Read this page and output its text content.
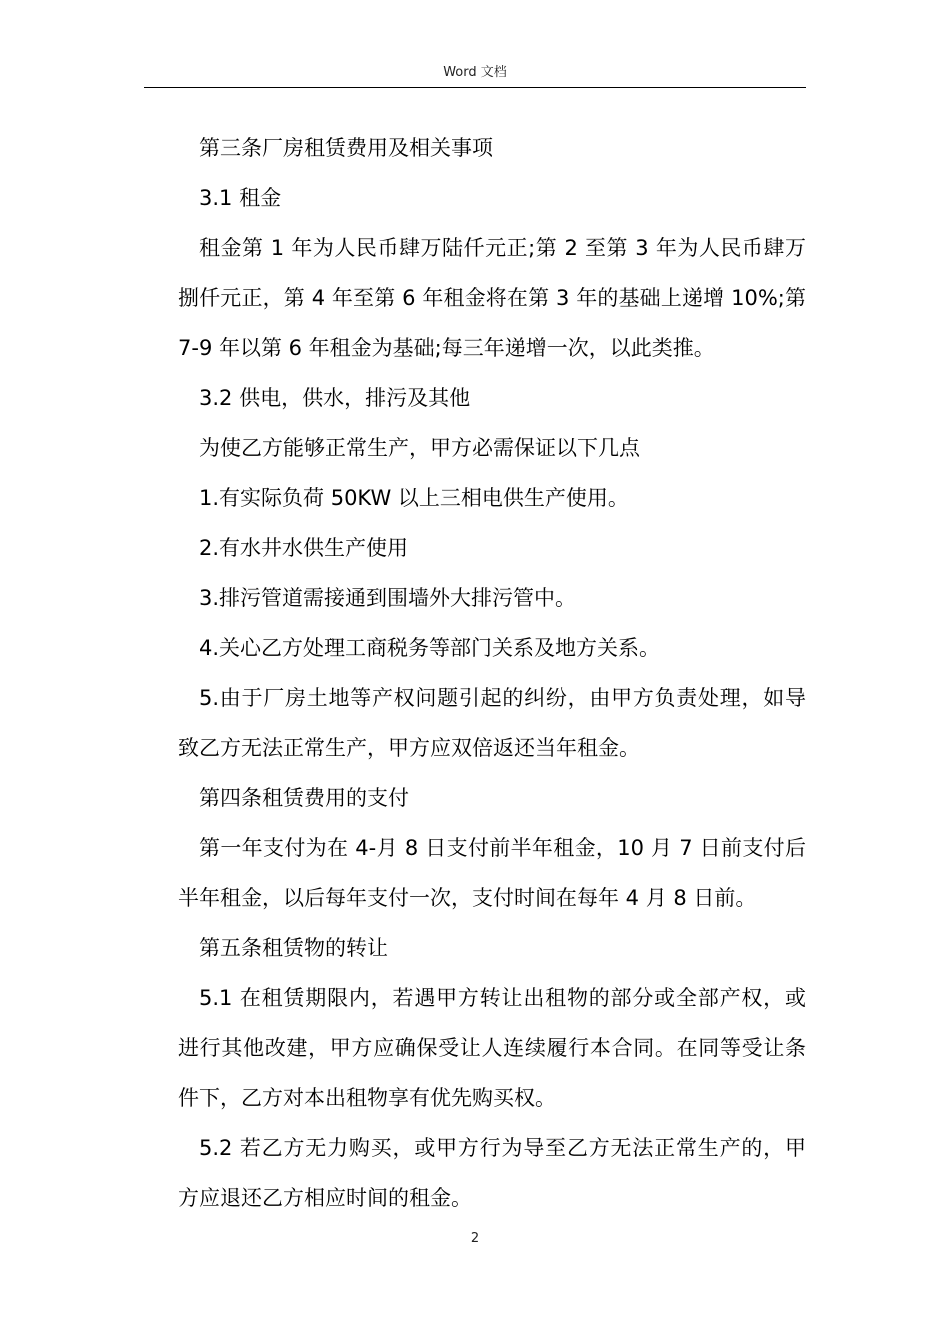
Word 文档

第三条厂房租赁费用及相关事项

3.1 租金

租金第 1 年为人民币肆万陆仟元正;第 2 至第 3 年为人民币肆万捌仟元正，第 4 年至第 6 年租金将在第 3 年的基础上递增 10%;第 7-9 年以第 6 年租金为基础;每三年递增一次，以此类推。

3.2 供电，供水，排污及其他

为使乙方能够正常生产，甲方必需保证以下几点

1.有实际负荷 50KW 以上三相电供生产使用。

2.有水井水供生产使用

3.排污管道需接通到围墙外大排污管中。

4.关心乙方处理工商税务等部门关系及地方关系。

5.由于厂房土地等产权问题引起的纠纷，由甲方负责处理，如导致乙方无法正常生产，甲方应双倍返还当年租金。

第四条租赁费用的支付

第一年支付为在 4-月 8 日支付前半年租金，10 月 7 日前支付后半年租金，以后每年支付一次，支付时间在每年 4 月 8 日前。

第五条租赁物的转让

5.1 在租赁期限内，若遇甲方转让出租物的部分或全部产权，或进行其他改建，甲方应确保受让人连续履行本合同。在同等受让条件下，乙方对本出租物享有优先购买权。

5.2 若乙方无力购买，或甲方行为导至乙方无法正常生产的，甲方应退还乙方相应时间的租金。

2
